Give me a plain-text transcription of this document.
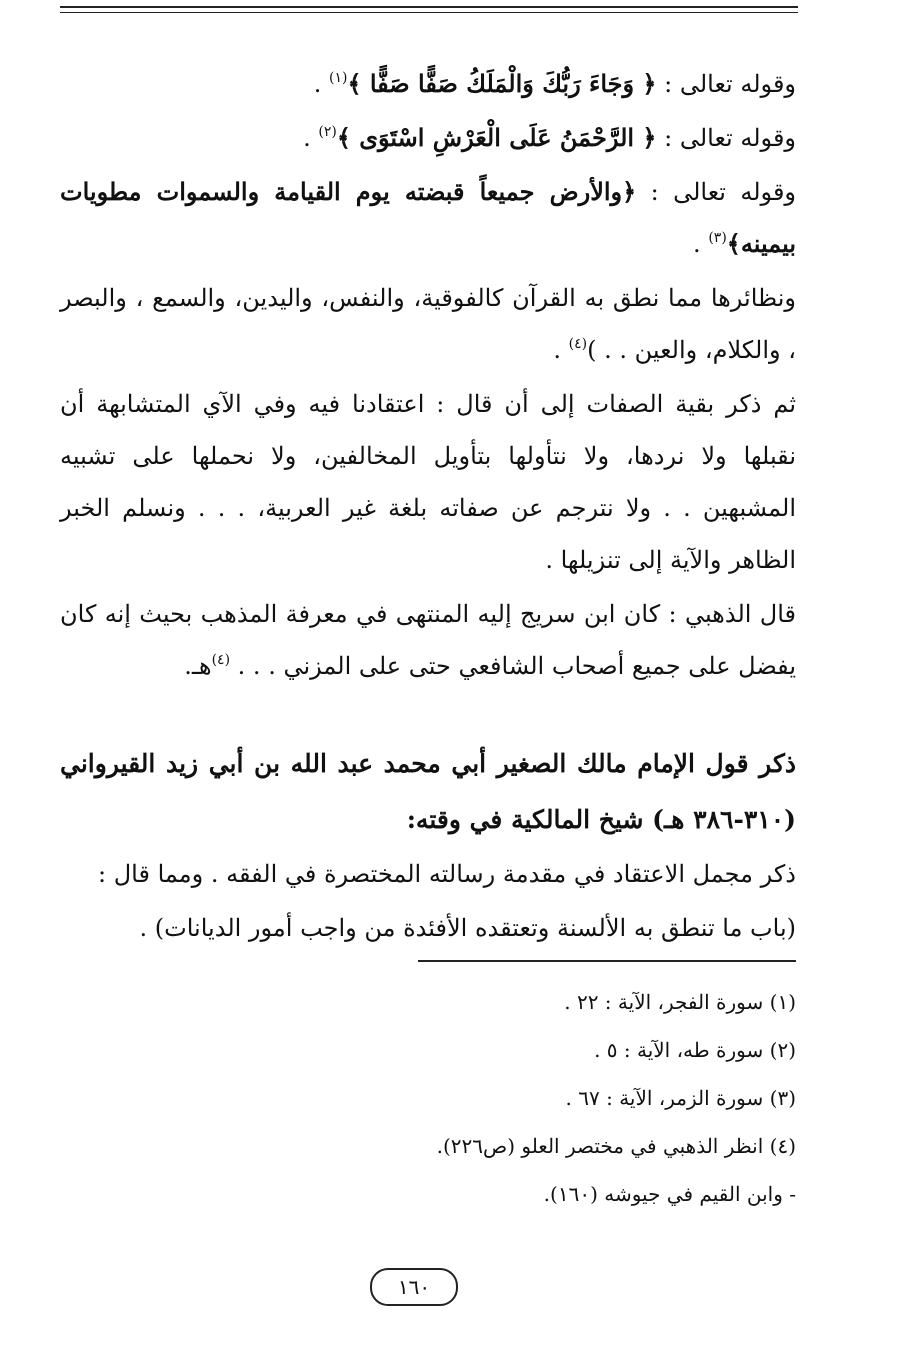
وقوله تعالى : ﴿ وَجَاءَ رَبُّكَ وَالْمَلَكُ صَفًّا صَفًّا ﴾$^{(١)}$ .

وقوله تعالى : ﴿ الرَّحْمَنُ عَلَى الْعَرْشِ اسْتَوَى ﴾$^{(٢)}$ .

وقوله تعالى : ﴿والأرض جميعاً قبضته يوم القيامة والسموات مطويات بيمينه﴾$^{(٣)}$ .

ونظائرها مما نطق به القرآن كالفوقية، والنفس، واليدين، والسمع ، والبصر ، والكلام، والعين . . )$^{(٤)}$ .

ثم ذكر بقية الصفات إلى أن قال : اعتقادنا فيه وفي الآي المتشابهة أن نقبلها ولا نردها، ولا نتأولها بتأويل المخالفين، ولا نحملها على تشبيه المشبهين . . ولا نترجم عن صفاته بلغة غير العربية، . . . ونسلم الخبر الظاهر والآية إلى تنزيلها .

قال الذهبي : كان ابن سريج إليه المنتهى في معرفة المذهب بحيث إنه كان يفضل على جميع أصحاب الشافعي حتى على المزني . . . $^{(٤)}$هـ.

ذكر قول الإمام مالك الصغير أبي محمد عبد الله بن أبي زيد القيرواني (٣١٠-٣٨٦ هـ) شيخ المالكية في وقته:

ذكر مجمل الاعتقاد في مقدمة رسالته المختصرة في الفقه . ومما قال :

(باب ما تنطق به الألسنة وتعتقده الأفئدة من واجب أمور الديانات) .

(١) سورة الفجر، الآية : ٢٢ .

(٢) سورة طه، الآية : ٥ .

(٣) سورة الزمر، الآية : ٦٧ .

(٤) انظر الذهبي في مختصر العلو (ص٢٢٦).

- وابن القيم في جيوشه (١٦٠).

١٦٠
